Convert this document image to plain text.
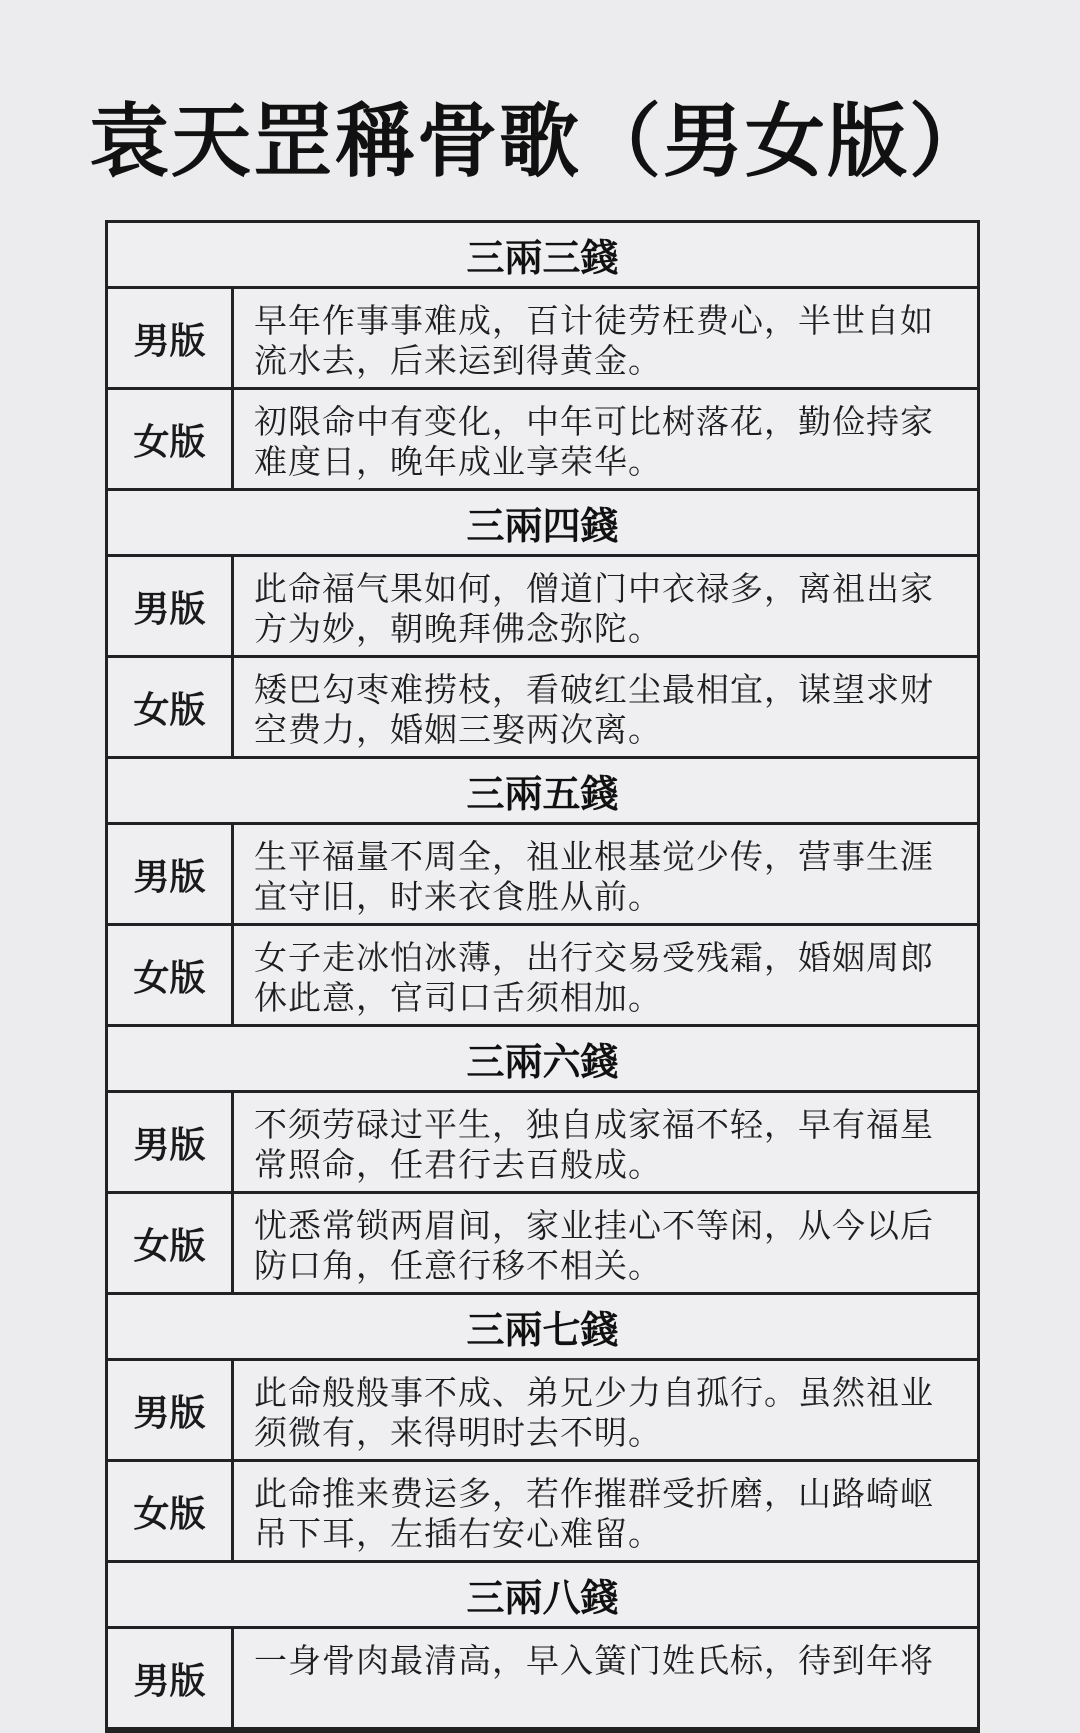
袁天罡稱骨歌（男女版）
三兩三錢
男版	早年作事事难成，百计徒劳枉费心，半世自如流水去，后来运到得黄金。
女版	初限命中有变化，中年可比树落花，勤俭持家难度日，晚年成业享荣华。
三兩四錢
男版	此命福气果如何，僧道门中衣禄多，离祖出家方为妙，朝晚拜佛念弥陀。
女版	矮巴勾枣难捞枝，看破红尘最相宜，谋望求财空费力，婚姻三娶两次离。
三兩五錢
男版	生平福量不周全，祖业根基觉少传，营事生涯宜守旧，时来衣食胜从前。
女版	女子走冰怕冰薄，出行交易受残霜，婚姻周郎休此意，官司口舌须相加。
三兩六錢
男版	不须劳碌过平生，独自成家福不轻，早有福星常照命，任君行去百般成。
女版	忧悉常锁两眉间，家业挂心不等闲，从今以后防口角，任意行移不相关。
三兩七錢
男版	此命般般事不成、弟兄少力自孤行。虽然祖业须微有，来得明时去不明。
女版	此命推来费运多，若作摧群受折磨，山路崎岖吊下耳，左插右安心难留。
三兩八錢
男版	一身骨肉最清高，早入簧门姓氏标，待到年将
